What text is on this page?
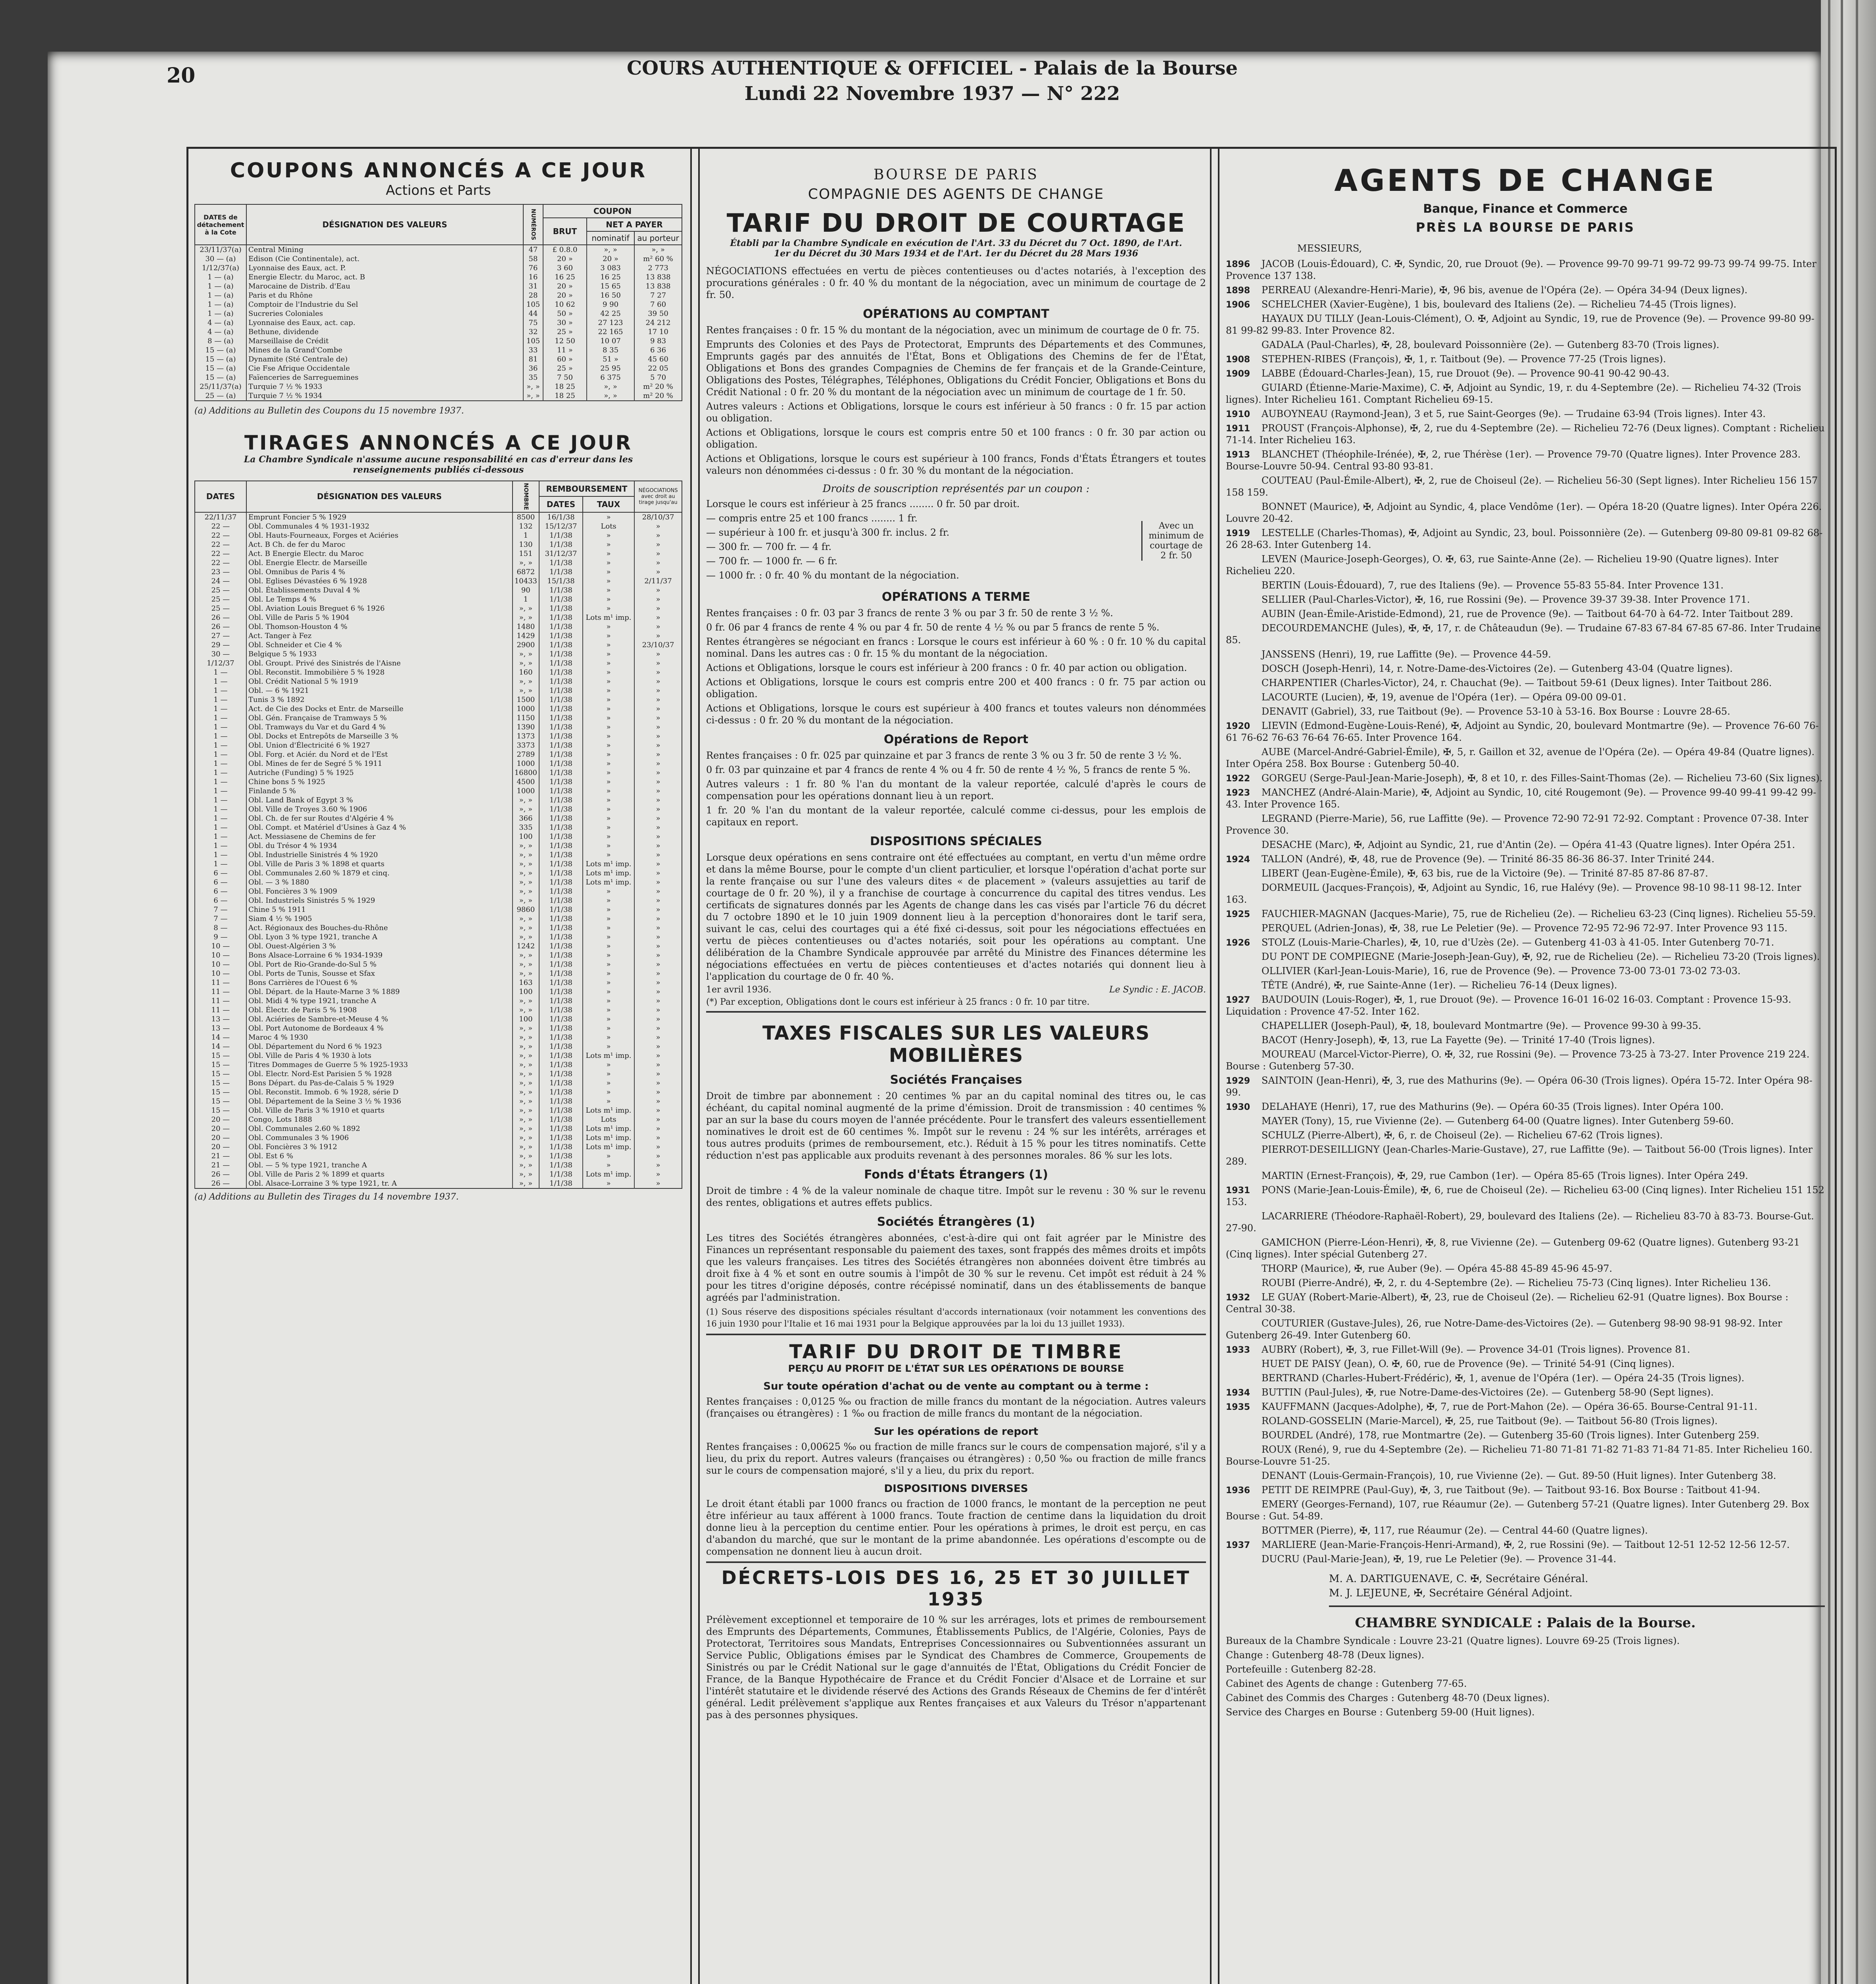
20	COURS AUTHENTIQUE & OFFICIEL - Palais de la Bourse
Lundi 22 Novembre 1937 — N° 222
COUPONS ANNONCÉS A CE JOUR
Actions et Parts
DATES de détachement à la Cote	DÉSIGNATION DES VALEURS	NUMÉROS	COUPON		
			BRUT	NET A PAYER	
				nominatif	au porteur
23/11/37(a)	Central Mining	47	£ 0.8.0	», »	», »
30 — (a)	Edison (Cie Continentale), act.	58	20 »	20 »	m² 60 %
1/12/37(a)	Lyonnaise des Eaux, act. P.	76	3 60	3 083	2 773
1 — (a)	Energie Electr. du Maroc, act. B	16	16 25	16 25	13 838
1 — (a)	Marocaine de Distrib. d'Eau	31	20 »	15 65	13 838
1 — (a)	Paris et du Rhône	28	20 »	16 50	7 27
1 — (a)	Comptoir de l'Industrie du Sel	105	10 62	9 90	7 60
1 — (a)	Sucreries Coloniales	44	50 »	42 25	39 50
4 — (a)	Lyonnaise des Eaux, act. cap.	75	30 »	27 123	24 212
4 — (a)	Bethune, dividende	32	25 »	22 165	17 10
8 — (a)	Marseillaise de Crédit	105	12 50	10 07	9 83
15 — (a)	Mines de la Grand'Combe	33	11 »	8 35	6 36
15 — (a)	Dynamite (Sté Centrale de)	81	60 »	51 »	45 60
15 — (a)	Cie Fse Afrique Occidentale	36	25 »	25 95	22 05
15 — (a)	Faïenceries de Sarreguemines	35	7 50	6 375	5 70
25/11/37(a)	Turquie 7 ½ % 1933	», »	18 25	», »	m² 20 %
25 — (a)	Turquie 7 ½ % 1934	», »	18 25	», »	m² 20 %
(a) Additions au Bulletin des Coupons du 15 novembre 1937.
TIRAGES ANNONCÉS A CE JOUR
La Chambre Syndicale n'assume aucune responsabilité en cas d'erreur dans les renseignements publiés ci-dessous
DATES	DÉSIGNATION DES VALEURS	NOMBRE	REMBOURSEMENT		NÉGOCIATIONS avec droit au tirage jusqu'au
			DATES	TAUX	
22/11/37	Emprunt Foncier 5 % 1929	8500	16/1/38	»	28/10/37
22 —	Obl. Communales 4 % 1931-1932	132	15/12/37	Lots	»
22 —	Obl. Hauts-Fourneaux, Forges et Aciéries	1	1/1/38	»	»
22 —	Act. B Ch. de fer du Maroc	130	1/1/38	»	»
22 —	Act. B Energie Electr. du Maroc	151	31/12/37	»	»
22 —	Obl. Energie Electr. de Marseille	», »	1/1/38	»	»
23 —	Obl. Omnibus de Paris 4 %	6872	1/1/38	»	»
24 —	Obl. Eglises Dévastées 6 % 1928	10433	15/1/38	»	2/11/37
25 —	Obl. Établissements Duval 4 %	90	1/1/38	»	»
25 —	Obl. Le Temps 4 %	1	1/1/38	»	»
25 —	Obl. Aviation Louis Breguet 6 % 1926	», »	1/1/38	»	»
26 —	Obl. Ville de Paris 5 % 1904	», »	1/1/38	Lots m¹ imp.	»
26 —	Obl. Thomson-Houston 4 %	1480	1/1/38	»	»
27 —	Act. Tanger à Fez	1429	1/1/38	»	»
29 —	Obl. Schneider et Cie 4 %	2900	1/1/38	»	23/10/37
30 —	Belgique 5 % 1933	», »	1/1/38	»	»
1/12/37	Obl. Groupt. Privé des Sinistrés de l'Aisne	», »	1/1/38	»	»
1 —	Obl. Reconstit. Immobilière 5 % 1928	160	1/1/38	»	»
1 —	Obl. Crédit National 5 % 1919	», »	1/1/38	»	»
1 —	Obl. — 6 % 1921	», »	1/1/38	»	»
1 —	Tunis 3 % 1892	1500	1/1/38	»	»
1 —	Act. de Cie des Docks et Entr. de Marseille	1000	1/1/38	»	»
1 —	Obl. Gén. Française de Tramways 5 %	1150	1/1/38	»	»
1 —	Obl. Tramways du Var et du Gard 4 %	1390	1/1/38	»	»
1 —	Obl. Docks et Entrepôts de Marseille 3 %	1373	1/1/38	»	»
1 —	Obl. Union d'Électricité 6 % 1927	3373	1/1/38	»	»
1 —	Obl. Forg. et Aciér. du Nord et de l'Est	2789	1/1/38	»	»
1 —	Obl. Mines de fer de Segré 5 % 1911	1000	1/1/38	»	»
1 —	Autriche (Funding) 5 % 1925	16800	1/1/38	»	»
1 —	Chine bons 5 % 1925	4500	1/1/38	»	»
1 —	Finlande 5 %	1000	1/1/38	»	»
1 —	Obl. Land Bank of Egypt 3 %	», »	1/1/38	»	»
1 —	Obl. Ville de Troyes 3.60 % 1906	», »	1/1/38	»	»
1 —	Obl. Ch. de fer sur Routes d'Algérie 4 %	366	1/1/38	»	»
1 —	Obl. Compt. et Matériel d'Usines à Gaz 4 %	335	1/1/38	»	»
1 —	Act. Messiasene de Chemins de fer	100	1/1/38	»	»
1 —	Obl. du Trésor 4 % 1934	», »	1/1/38	»	»
1 —	Obl. Industrielle Sinistrés 4 % 1920	», »	1/1/38	»	»
1 —	Obl. Ville de Paris 3 % 1898 et quarts	», »	1/1/38	Lots m¹ imp.	»
6 —	Obl. Communales 2.60 % 1879 et cinq.	», »	1/1/38	Lots m¹ imp.	»
6 —	Obl. — 3 % 1880	», »	1/1/38	Lots m¹ imp.	»
6 —	Obl. Foncières 3 % 1909	», »	1/1/38	»	»
6 —	Obl. Industriels Sinistrés 5 % 1929	», »	1/1/38	»	»
7 —	Chine 5 % 1911	9860	1/1/38	»	»
7 —	Siam 4 ½ % 1905	», »	1/1/38	»	»
8 —	Act. Régionaux des Bouches-du-Rhône	», »	1/1/38	»	»
9 —	Obl. Lyon 3 % type 1921, tranche A	», »	1/1/38	»	»
10 —	Obl. Ouest-Algérien 3 %	1242	1/1/38	»	»
10 —	Bons Alsace-Lorraine 6 % 1934-1939	», »	1/1/38	»	»
10 —	Obl. Port de Rio-Grande-do-Sul 5 %	», »	1/1/38	»	»
10 —	Obl. Ports de Tunis, Sousse et Sfax	», »	1/1/38	»	»
11 —	Bons Carrières de l'Ouest 6 %	163	1/1/38	»	»
11 —	Obl. Départ. de la Haute-Marne 3 % 1889	100	1/1/38	»	»
11 —	Obl. Midi 4 % type 1921, tranche A	», »	1/1/38	»	»
11 —	Obl. Électr. de Paris 5 % 1908	», »	1/1/38	»	»
13 —	Obl. Aciéries de Sambre-et-Meuse 4 %	100	1/1/38	»	»
13 —	Obl. Port Autonome de Bordeaux 4 %	», »	1/1/38	»	»
14 —	Maroc 4 % 1930	», »	1/1/38	»	»
14 —	Obl. Département du Nord 6 % 1923	», »	1/1/38	»	»
15 —	Obl. Ville de Paris 4 % 1930 à lots	», »	1/1/38	Lots m¹ imp.	»
15 —	Titres Dommages de Guerre 5 % 1925-1933	», »	1/1/38	»	»
15 —	Obl. Electr. Nord-Est Parisien 5 % 1928	», »	1/1/38	»	»
15 —	Bons Départ. du Pas-de-Calais 5 % 1929	», »	1/1/38	»	»
15 —	Obl. Reconstit. Immob. 6 % 1928, série D	», »	1/1/38	»	»
15 —	Obl. Département de la Seine 3 ½ % 1936	», »	1/1/38	»	»
15 —	Obl. Ville de Paris 3 % 1910 et quarts	», »	1/1/38	Lots m¹ imp.	»
20 —	Congo, Lots 1888	», »	1/1/38	Lots	»
20 —	Obl. Communales 2.60 % 1892	», »	1/1/38	Lots m¹ imp.	»
20 —	Obl. Communales 3 % 1906	», »	1/1/38	Lots m¹ imp.	»
20 —	Obl. Foncières 3 % 1912	», »	1/1/38	Lots m¹ imp.	»
21 —	Obl. Est 6 %	», »	1/1/38	»	»
21 —	Obl. — 5 % type 1921, tranche A	», »	1/1/38	»	»
26 —	Obl. Ville de Paris 2 % 1899 et quarts	», »	1/1/38	Lots m¹ imp.	»
26 —	Obl. Alsace-Lorraine 3 % type 1921, tr. A	», »	1/1/38	»	»
(a) Additions au Bulletin des Tirages du 14 novembre 1937.
BOURSE DE PARIS
COMPAGNIE DES AGENTS DE CHANGE
TARIF DU DROIT DE COURTAGE
Établi par la Chambre Syndicale en exécution de l'Art. 33 du Décret du 7 Oct. 1890, de l'Art. 1er du Décret du 30 Mars 1934 et de l'Art. 1er du Décret du 28 Mars 1936

NÉGOCIATIONS effectuées en vertu de pièces contentieuses ou d'actes notariés, à l'exception des procurations générales : 0 fr. 40 % du montant de la négociation, avec un minimum de courtage de 2 fr. 50.

OPÉRATIONS AU COMPTANT

Rentes françaises : 0 fr. 15 % du montant de la négociation, avec un minimum de courtage de 0 fr. 75.

Emprunts des Colonies et des Pays de Protectorat, Emprunts des Départements et des Communes, Emprunts gagés par des annuités de l'État, Bons et Obligations des Chemins de fer de l'État, Obligations et Bons des grandes Compagnies de Chemins de fer français et de la Grande-Ceinture, Obligations des Postes, Télégraphes, Téléphones, Obligations du Crédit Foncier, Obligations et Bons du Crédit National : 0 fr. 20 % du montant de la négociation avec un minimum de courtage de 1 fr. 50.

Autres valeurs : Actions et Obligations, lorsque le cours est inférieur à 50 francs : 0 fr. 15 par action ou obligation.

Actions et Obligations, lorsque le cours est compris entre 50 et 100 francs : 0 fr. 30 par action ou obligation.

Actions et Obligations, lorsque le cours est supérieur à 100 francs, Fonds d'États Étrangers et toutes valeurs non dénommées ci-dessus : 0 fr. 30 % du montant de la négociation.

Droits de souscription représentés par un coupon :

Lorsque le cours est inférieur à 25 francs ........ 0 fr. 50 par droit.

— compris entre 25 et 100 francs ........ 1 fr.

— supérieur à 100 fr. et jusqu'à 300 fr. inclus. 2 fr.

— 300 fr. — 700 fr. — 4 fr.

— 700 fr. — 1000 fr. — 6 fr.

— 1000 fr. : 0 fr. 40 % du montant de la négociation.

Avec un minimum de courtage de 2 fr. 50
OPÉRATIONS A TERME

Rentes françaises : 0 fr. 03 par 3 francs de rente 3 % ou par 3 fr. 50 de rente 3 ½ %.

0 fr. 06 par 4 francs de rente 4 % ou par 4 fr. 50 de rente 4 ½ % ou par 5 francs de rente 5 %.

Rentes étrangères se négociant en francs : Lorsque le cours est inférieur à 60 % : 0 fr. 10 % du capital nominal. Dans les autres cas : 0 fr. 15 % du montant de la négociation.

Actions et Obligations, lorsque le cours est inférieur à 200 francs : 0 fr. 40 par action ou obligation.

Actions et Obligations, lorsque le cours est compris entre 200 et 400 francs : 0 fr. 75 par action ou obligation.

Actions et Obligations, lorsque le cours est supérieur à 400 francs et toutes valeurs non dénommées ci-dessus : 0 fr. 20 % du montant de la négociation.

Opérations de Report

Rentes françaises : 0 fr. 025 par quinzaine et par 3 francs de rente 3 % ou 3 fr. 50 de rente 3 ½ %.

0 fr. 03 par quinzaine et par 4 francs de rente 4 % ou 4 fr. 50 de rente 4 ½ %, 5 francs de rente 5 %.

Autres valeurs : 1 fr. 80 % l'an du montant de la valeur reportée, calculé d'après le cours de compensation pour les opérations donnant lieu à un report.

1 fr. 20 % l'an du montant de la valeur reportée, calculé comme ci-dessus, pour les emplois de capitaux en report.

DISPOSITIONS SPÉCIALES

Lorsque deux opérations en sens contraire ont été effectuées au comptant, en vertu d'un même ordre et dans la même Bourse, pour le compte d'un client particulier, et lorsque l'opération d'achat porte sur la rente française ou sur l'une des valeurs dites « de placement » (valeurs assujetties au tarif de courtage de 0 fr. 20 %), il y a franchise de courtage à concurrence du capital des titres vendus. Les certificats de signatures donnés par les Agents de change dans les cas visés par l'article 76 du décret du 7 octobre 1890 et le 10 juin 1909 donnent lieu à la perception d'honoraires dont le tarif sera, suivant le cas, celui des courtages qui a été fixé ci-dessus, soit pour les négociations effectuées en vertu de pièces contentieuses ou d'actes notariés, soit pour les opérations au comptant. Une délibération de la Chambre Syndicale approuvée par arrêté du Ministre des Finances détermine les négociations effectuées en vertu de pièces contentieuses et d'actes notariés qui donnent lieu à l'application du courtage de 0 fr. 40 %.

1er avril 1936.	Le Syndic : E. JACOB.
(*) Par exception, Obligations dont le cours est inférieur à 25 francs : 0 fr. 10 par titre.
TAXES FISCALES SUR LES VALEURS MOBILIÈRES
Sociétés Françaises

Droit de timbre par abonnement : 20 centimes % par an du capital nominal des titres ou, le cas échéant, du capital nominal augmenté de la prime d'émission. Droit de transmission : 40 centimes % par an sur la base du cours moyen de l'année précédente. Pour le transfert des valeurs essentiellement nominatives le droit est de 60 centimes %. Impôt sur le revenu : 24 % sur les intérêts, arrérages et tous autres produits (primes de remboursement, etc.). Réduit à 15 % pour les titres nominatifs. Cette réduction n'est pas applicable aux produits revenant à des personnes morales. 86 % sur les lots.

Fonds d'États Étrangers (1)

Droit de timbre : 4 % de la valeur nominale de chaque titre. Impôt sur le revenu : 30 % sur le revenu des rentes, obligations et autres effets publics.

Sociétés Étrangères (1)

Les titres des Sociétés étrangères abonnées, c'est-à-dire qui ont fait agréer par le Ministre des Finances un représentant responsable du paiement des taxes, sont frappés des mêmes droits et impôts que les valeurs françaises. Les titres des Sociétés étrangères non abonnées doivent être timbrés au droit fixe à 4 % et sont en outre soumis à l'impôt de 30 % sur le revenu. Cet impôt est réduit à 24 % pour les titres d'origine déposés, contre récépissé nominatif, dans un des établissements de banque agréés par l'administration.

(1) Sous réserve des dispositions spéciales résultant d'accords internationaux (voir notamment les conventions des 16 juin 1930 pour l'Italie et 16 mai 1931 pour la Belgique approuvées par la loi du 13 juillet 1933).

TARIF DU DROIT DE TIMBRE
PERÇU AU PROFIT DE L'ÉTAT SUR LES OPÉRATIONS DE BOURSE
Sur toute opération d'achat ou de vente au comptant ou à terme :

Rentes françaises : 0,0125 ‰ ou fraction de mille francs du montant de la négociation. Autres valeurs (françaises ou étrangères) : 1 ‰ ou fraction de mille francs du montant de la négociation.

Sur les opérations de report

Rentes françaises : 0,00625 ‰ ou fraction de mille francs sur le cours de compensation majoré, s'il y a lieu, du prix du report. Autres valeurs (françaises ou étrangères) : 0,50 ‰ ou fraction de mille francs sur le cours de compensation majoré, s'il y a lieu, du prix du report.

DISPOSITIONS DIVERSES

Le droit étant établi par 1000 francs ou fraction de 1000 francs, le montant de la perception ne peut être inférieur au taux afférent à 1000 francs. Toute fraction de centime dans la liquidation du droit donne lieu à la perception du centime entier. Pour les opérations à primes, le droit est perçu, en cas d'abandon du marché, que sur le montant de la prime abandonnée. Les opérations d'escompte ou de compensation ne donnent lieu à aucun droit.

DÉCRETS-LOIS DES 16, 25 ET 30 JUILLET 1935

Prélèvement exceptionnel et temporaire de 10 % sur les arrérages, lots et primes de remboursement des Emprunts des Départements, Communes, Établissements Publics, de l'Algérie, Colonies, Pays de Protectorat, Territoires sous Mandats, Entreprises Concessionnaires ou Subventionnées assurant un Service Public, Obligations émises par le Syndicat des Chambres de Commerce, Groupements de Sinistrés ou par le Crédit National sur le gage d'annuités de l'État, Obligations du Crédit Foncier de France, de la Banque Hypothécaire de France et du Crédit Foncier d'Alsace et de Lorraine et sur l'intérêt statutaire et le dividende réservé des Actions des Grands Réseaux de Chemins de fer d'intérêt général. Ledit prélèvement s'applique aux Rentes françaises et aux Valeurs du Trésor n'appartenant pas à des personnes physiques.

AGENTS DE CHANGE
Banque, Finance et Commerce
PRÈS LA BOURSE DE PARIS
MESSIEURS,

1896 JACOB (Louis-Édouard), C. ✠, Syndic, 20, rue Drouot (9e). — Provence 99-70 99-71 99-72 99-73 99-74 99-75. Inter Provence 137 138.

1898 PERREAU (Alexandre-Henri-Marie), ✠, 96 bis, avenue de l'Opéra (2e). — Opéra 34-94 (Deux lignes).

1906 SCHELCHER (Xavier-Eugène), 1 bis, boulevard des Italiens (2e). — Richelieu 74-45 (Trois lignes).

HAYAUX DU TILLY (Jean-Louis-Clément), O. ✠, Adjoint au Syndic, 19, rue de Provence (9e). — Provence 99-80 99-81 99-82 99-83. Inter Provence 82.

GADALA (Paul-Charles), ✠, 28, boulevard Poissonnière (2e). — Gutenberg 83-70 (Trois lignes).

1908 STEPHEN-RIBES (François), ✠, 1, r. Taitbout (9e). — Provence 77-25 (Trois lignes).

1909 LABBE (Édouard-Charles-Jean), 15, rue Drouot (9e). — Provence 90-41 90-42 90-43.

GUIARD (Étienne-Marie-Maxime), C. ✠, Adjoint au Syndic, 19, r. du 4-Septembre (2e). — Richelieu 74-32 (Trois lignes). Inter Richelieu 161. Comptant Richelieu 69-15.

1910 AUBOYNEAU (Raymond-Jean), 3 et 5, rue Saint-Georges (9e). — Trudaine 63-94 (Trois lignes). Inter 43.

1911 PROUST (François-Alphonse), ✠, 2, rue du 4-Septembre (2e). — Richelieu 72-76 (Deux lignes). Comptant : Richelieu 71-14. Inter Richelieu 163.

1913 BLANCHET (Théophile-Irénée), ✠, 2, rue Thérèse (1er). — Provence 79-70 (Quatre lignes). Inter Provence 283. Bourse-Louvre 50-94. Central 93-80 93-81.

COUTEAU (Paul-Émile-Albert), ✠, 2, rue de Choiseul (2e). — Richelieu 56-30 (Sept lignes). Inter Richelieu 156 157 158 159.

BONNET (Maurice), ✠, Adjoint au Syndic, 4, place Vendôme (1er). — Opéra 18-20 (Quatre lignes). Inter Opéra 226. Louvre 20-42.

1919 LESTELLE (Charles-Thomas), ✠, Adjoint au Syndic, 23, boul. Poissonnière (2e). — Gutenberg 09-80 09-81 09-82 68-26 28-63. Inter Gutenberg 14.

LEVEN (Maurice-Joseph-Georges), O. ✠, 63, rue Sainte-Anne (2e). — Richelieu 19-90 (Quatre lignes). Inter Richelieu 220.

BERTIN (Louis-Édouard), 7, rue des Italiens (9e). — Provence 55-83 55-84. Inter Provence 131.

SELLIER (Paul-Charles-Victor), ✠, 16, rue Rossini (9e). — Provence 39-37 39-38. Inter Provence 171.

AUBIN (Jean-Émile-Aristide-Edmond), 21, rue de Provence (9e). — Taitbout 64-70 à 64-72. Inter Taitbout 289.

DECOURDEMANCHE (Jules), ✠, ✠, 17, r. de Châteaudun (9e). — Trudaine 67-83 67-84 67-85 67-86. Inter Trudaine 85.

JANSSENS (Henri), 19, rue Laffitte (9e). — Provence 44-59.

DOSCH (Joseph-Henri), 14, r. Notre-Dame-des-Victoires (2e). — Gutenberg 43-04 (Quatre lignes).

CHARPENTIER (Charles-Victor), 24, r. Chauchat (9e). — Taitbout 59-61 (Deux lignes). Inter Taitbout 286.

LACOURTE (Lucien), ✠, 19, avenue de l'Opéra (1er). — Opéra 09-00 09-01.

DENAVIT (Gabriel), 33, rue Taitbout (9e). — Provence 53-10 à 53-16. Box Bourse : Louvre 28-65.

1920 LIEVIN (Edmond-Eugène-Louis-René), ✠, Adjoint au Syndic, 20, boulevard Montmartre (9e). — Provence 76-60 76-61 76-62 76-63 76-64 76-65. Inter Provence 164.

AUBE (Marcel-André-Gabriel-Émile), ✠, 5, r. Gaillon et 32, avenue de l'Opéra (2e). — Opéra 49-84 (Quatre lignes). Inter Opéra 258. Box Bourse : Gutenberg 50-40.

1922 GORGEU (Serge-Paul-Jean-Marie-Joseph), ✠, 8 et 10, r. des Filles-Saint-Thomas (2e). — Richelieu 73-60 (Six lignes).

1923 MANCHEZ (André-Alain-Marie), ✠, Adjoint au Syndic, 10, cité Rougemont (9e). — Provence 99-40 99-41 99-42 99-43. Inter Provence 165.

LEGRAND (Pierre-Marie), 56, rue Laffitte (9e). — Provence 72-90 72-91 72-92. Comptant : Provence 07-38. Inter Provence 30.

DESACHE (Marc), ✠, Adjoint au Syndic, 21, rue d'Antin (2e). — Opéra 41-43 (Quatre lignes). Inter Opéra 251.

1924 TALLON (André), ✠, 48, rue de Provence (9e). — Trinité 86-35 86-36 86-37. Inter Trinité 244.

LIBERT (Jean-Eugène-Émile), ✠, 63 bis, rue de la Victoire (9e). — Trinité 87-85 87-86 87-87.

DORMEUIL (Jacques-François), ✠, Adjoint au Syndic, 16, rue Halévy (9e). — Provence 98-10 98-11 98-12. Inter 163.

1925 FAUCHIER-MAGNAN (Jacques-Marie), 75, rue de Richelieu (2e). — Richelieu 63-23 (Cinq lignes). Richelieu 55-59.

PERQUEL (Adrien-Jonas), ✠, 38, rue Le Peletier (9e). — Provence 72-95 72-96 72-97. Inter Provence 93 115.

1926 STOLZ (Louis-Marie-Charles), ✠, 10, rue d'Uzès (2e). — Gutenberg 41-03 à 41-05. Inter Gutenberg 70-71.

DU PONT DE COMPIEGNE (Marie-Joseph-Jean-Guy), ✠, 92, rue de Richelieu (2e). — Richelieu 73-20 (Trois lignes).

OLLIVIER (Karl-Jean-Louis-Marie), 16, rue de Provence (9e). — Provence 73-00 73-01 73-02 73-03.

TÊTE (André), ✠, rue Sainte-Anne (1er). — Richelieu 76-14 (Deux lignes).

1927 BAUDOUIN (Louis-Roger), ✠, 1, rue Drouot (9e). — Provence 16-01 16-02 16-03. Comptant : Provence 15-93. Liquidation : Provence 47-52. Inter 162.

CHAPELLIER (Joseph-Paul), ✠, 18, boulevard Montmartre (9e). — Provence 99-30 à 99-35.

BACOT (Henry-Joseph), ✠, 13, rue La Fayette (9e). — Trinité 17-40 (Trois lignes).

MOUREAU (Marcel-Victor-Pierre), O. ✠, 32, rue Rossini (9e). — Provence 73-25 à 73-27. Inter Provence 219 224. Bourse : Gutenberg 57-30.

1929 SAINTOIN (Jean-Henri), ✠, 3, rue des Mathurins (9e). — Opéra 06-30 (Trois lignes). Opéra 15-72. Inter Opéra 98-99.

1930 DELAHAYE (Henri), 17, rue des Mathurins (9e). — Opéra 60-35 (Trois lignes). Inter Opéra 100.

MAYER (Tony), 15, rue Vivienne (2e). — Gutenberg 64-00 (Quatre lignes). Inter Gutenberg 59-60.

SCHULZ (Pierre-Albert), ✠, 6, r. de Choiseul (2e). — Richelieu 67-62 (Trois lignes).

PIERROT-DESEILLIGNY (Jean-Charles-Marie-Gustave), 27, rue Laffitte (9e). — Taitbout 56-00 (Trois lignes). Inter 289.

MARTIN (Ernest-François), ✠, 29, rue Cambon (1er). — Opéra 85-65 (Trois lignes). Inter Opéra 249.

1931 PONS (Marie-Jean-Louis-Émile), ✠, 6, rue de Choiseul (2e). — Richelieu 63-00 (Cinq lignes). Inter Richelieu 151 152 153.

LACARRIERE (Théodore-Raphaël-Robert), 29, boulevard des Italiens (2e). — Richelieu 83-70 à 83-73. Bourse-Gut. 27-90.

GAMICHON (Pierre-Léon-Henri), ✠, 8, rue Vivienne (2e). — Gutenberg 09-62 (Quatre lignes). Gutenberg 93-21 (Cinq lignes). Inter spécial Gutenberg 27.

THORP (Maurice), ✠, rue Auber (9e). — Opéra 45-88 45-89 45-96 45-97.

ROUBI (Pierre-André), ✠, 2, r. du 4-Septembre (2e). — Richelieu 75-73 (Cinq lignes). Inter Richelieu 136.

1932 LE GUAY (Robert-Marie-Albert), ✠, 23, rue de Choiseul (2e). — Richelieu 62-91 (Quatre lignes). Box Bourse : Central 30-38.

COUTURIER (Gustave-Jules), 26, rue Notre-Dame-des-Victoires (2e). — Gutenberg 98-90 98-91 98-92. Inter Gutenberg 26-49. Inter Gutenberg 60.

1933 AUBRY (Robert), ✠, 3, rue Fillet-Will (9e). — Provence 34-01 (Trois lignes). Provence 81.

HUET DE PAISY (Jean), O. ✠, 60, rue de Provence (9e). — Trinité 54-91 (Cinq lignes).

BERTRAND (Charles-Hubert-Frédéric), ✠, 1, avenue de l'Opéra (1er). — Opéra 24-35 (Trois lignes).

1934 BUTTIN (Paul-Jules), ✠, rue Notre-Dame-des-Victoires (2e). — Gutenberg 58-90 (Sept lignes).

1935 KAUFFMANN (Jacques-Adolphe), ✠, 7, rue de Port-Mahon (2e). — Opéra 36-65. Bourse-Central 91-11.

ROLAND-GOSSELIN (Marie-Marcel), ✠, 25, rue Taitbout (9e). — Taitbout 56-80 (Trois lignes).

BOURDEL (André), 178, rue Montmartre (2e). — Gutenberg 35-60 (Trois lignes). Inter Gutenberg 259.

ROUX (René), 9, rue du 4-Septembre (2e). — Richelieu 71-80 71-81 71-82 71-83 71-84 71-85. Inter Richelieu 160. Bourse-Louvre 51-25.

DENANT (Louis-Germain-François), 10, rue Vivienne (2e). — Gut. 89-50 (Huit lignes). Inter Gutenberg 38.

1936 PETIT DE REIMPRE (Paul-Guy), ✠, 3, rue Taitbout (9e). — Taitbout 93-16. Box Bourse : Taitbout 41-94.

EMERY (Georges-Fernand), 107, rue Réaumur (2e). — Gutenberg 57-21 (Quatre lignes). Inter Gutenberg 29. Box Bourse : Gut. 54-89.

BOTTMER (Pierre), ✠, 117, rue Réaumur (2e). — Central 44-60 (Quatre lignes).

1937 MARLIERE (Jean-Marie-François-Henri-Armand), ✠, 2, rue Rossini (9e). — Taitbout 12-51 12-52 12-56 12-57.

DUCRU (Paul-Marie-Jean), ✠, 19, rue Le Peletier (9e). — Provence 31-44.

M. A. DARTIGUENAVE, C. ✠, Secrétaire Général.
M. J. LEJEUNE, ✠, Secrétaire Général Adjoint.
CHAMBRE SYNDICALE : Palais de la Bourse.

Bureaux de la Chambre Syndicale : Louvre 23-21 (Quatre lignes). Louvre 69-25 (Trois lignes).

Change : Gutenberg 48-78 (Deux lignes).

Portefeuille : Gutenberg 82-28.

Cabinet des Agents de change : Gutenberg 77-65.

Cabinet des Commis des Charges : Gutenberg 48-70 (Deux lignes).

Service des Charges en Bourse : Gutenberg 59-00 (Huit lignes).
